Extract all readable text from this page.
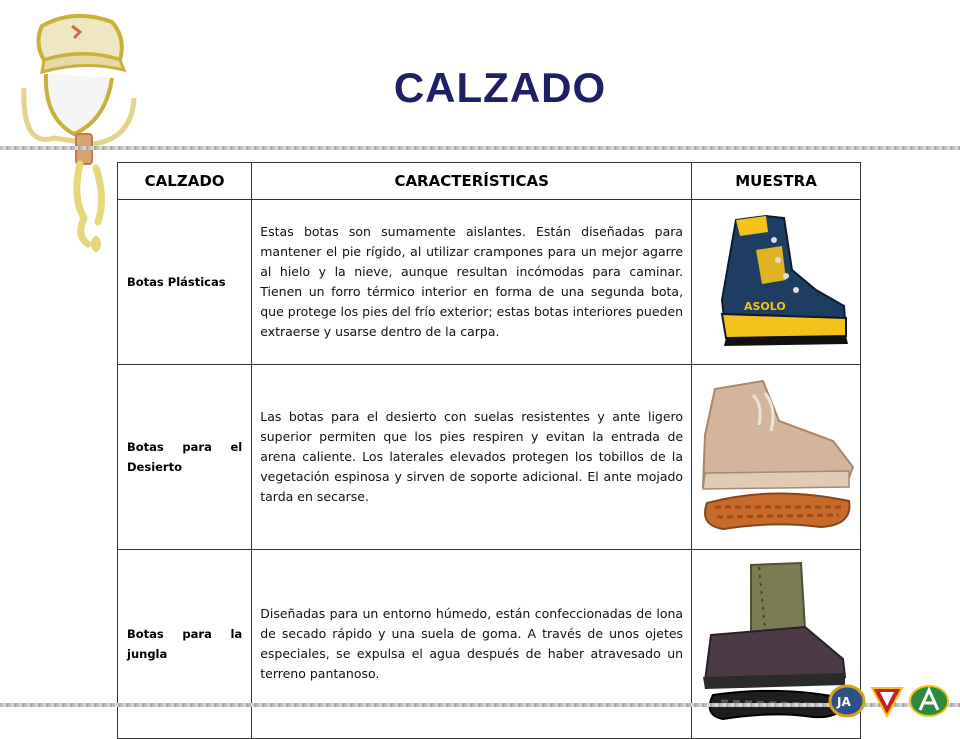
CALZADO
CALZADO	CARACTERÍSTICAS	MUESTRA
Botas Plásticas	Estas botas son sumamente aislantes. Están diseñadas para mantener el pie rígido, al utilizar crampones para un mejor agarre al hielo y la nieve, aunque resultan incómodas para caminar. Tienen un forro térmico interior en forma de una segunda bota, que protege los pies del frío exterior; estas botas interiores pueden extraerse y usarse dentro de la carpa.	ASOLO

Botas para el Desierto	Las botas para el desierto con suelas resistentes y ante ligero superior permiten que los pies respiren y evitan la entrada de arena caliente. Los laterales elevados protegen los tobillos de la vegetación espinosa y sirven de soporte adicional. El ante mojado tarda en secarse.	
Botas para la jungla	Diseñadas para un entorno húmedo, están confeccionadas de lona de secado rápido y una suela de goma. A través de unos ojetes especiales, se expulsa el agua después de haber atravesado un terreno pantanoso.	
JA
